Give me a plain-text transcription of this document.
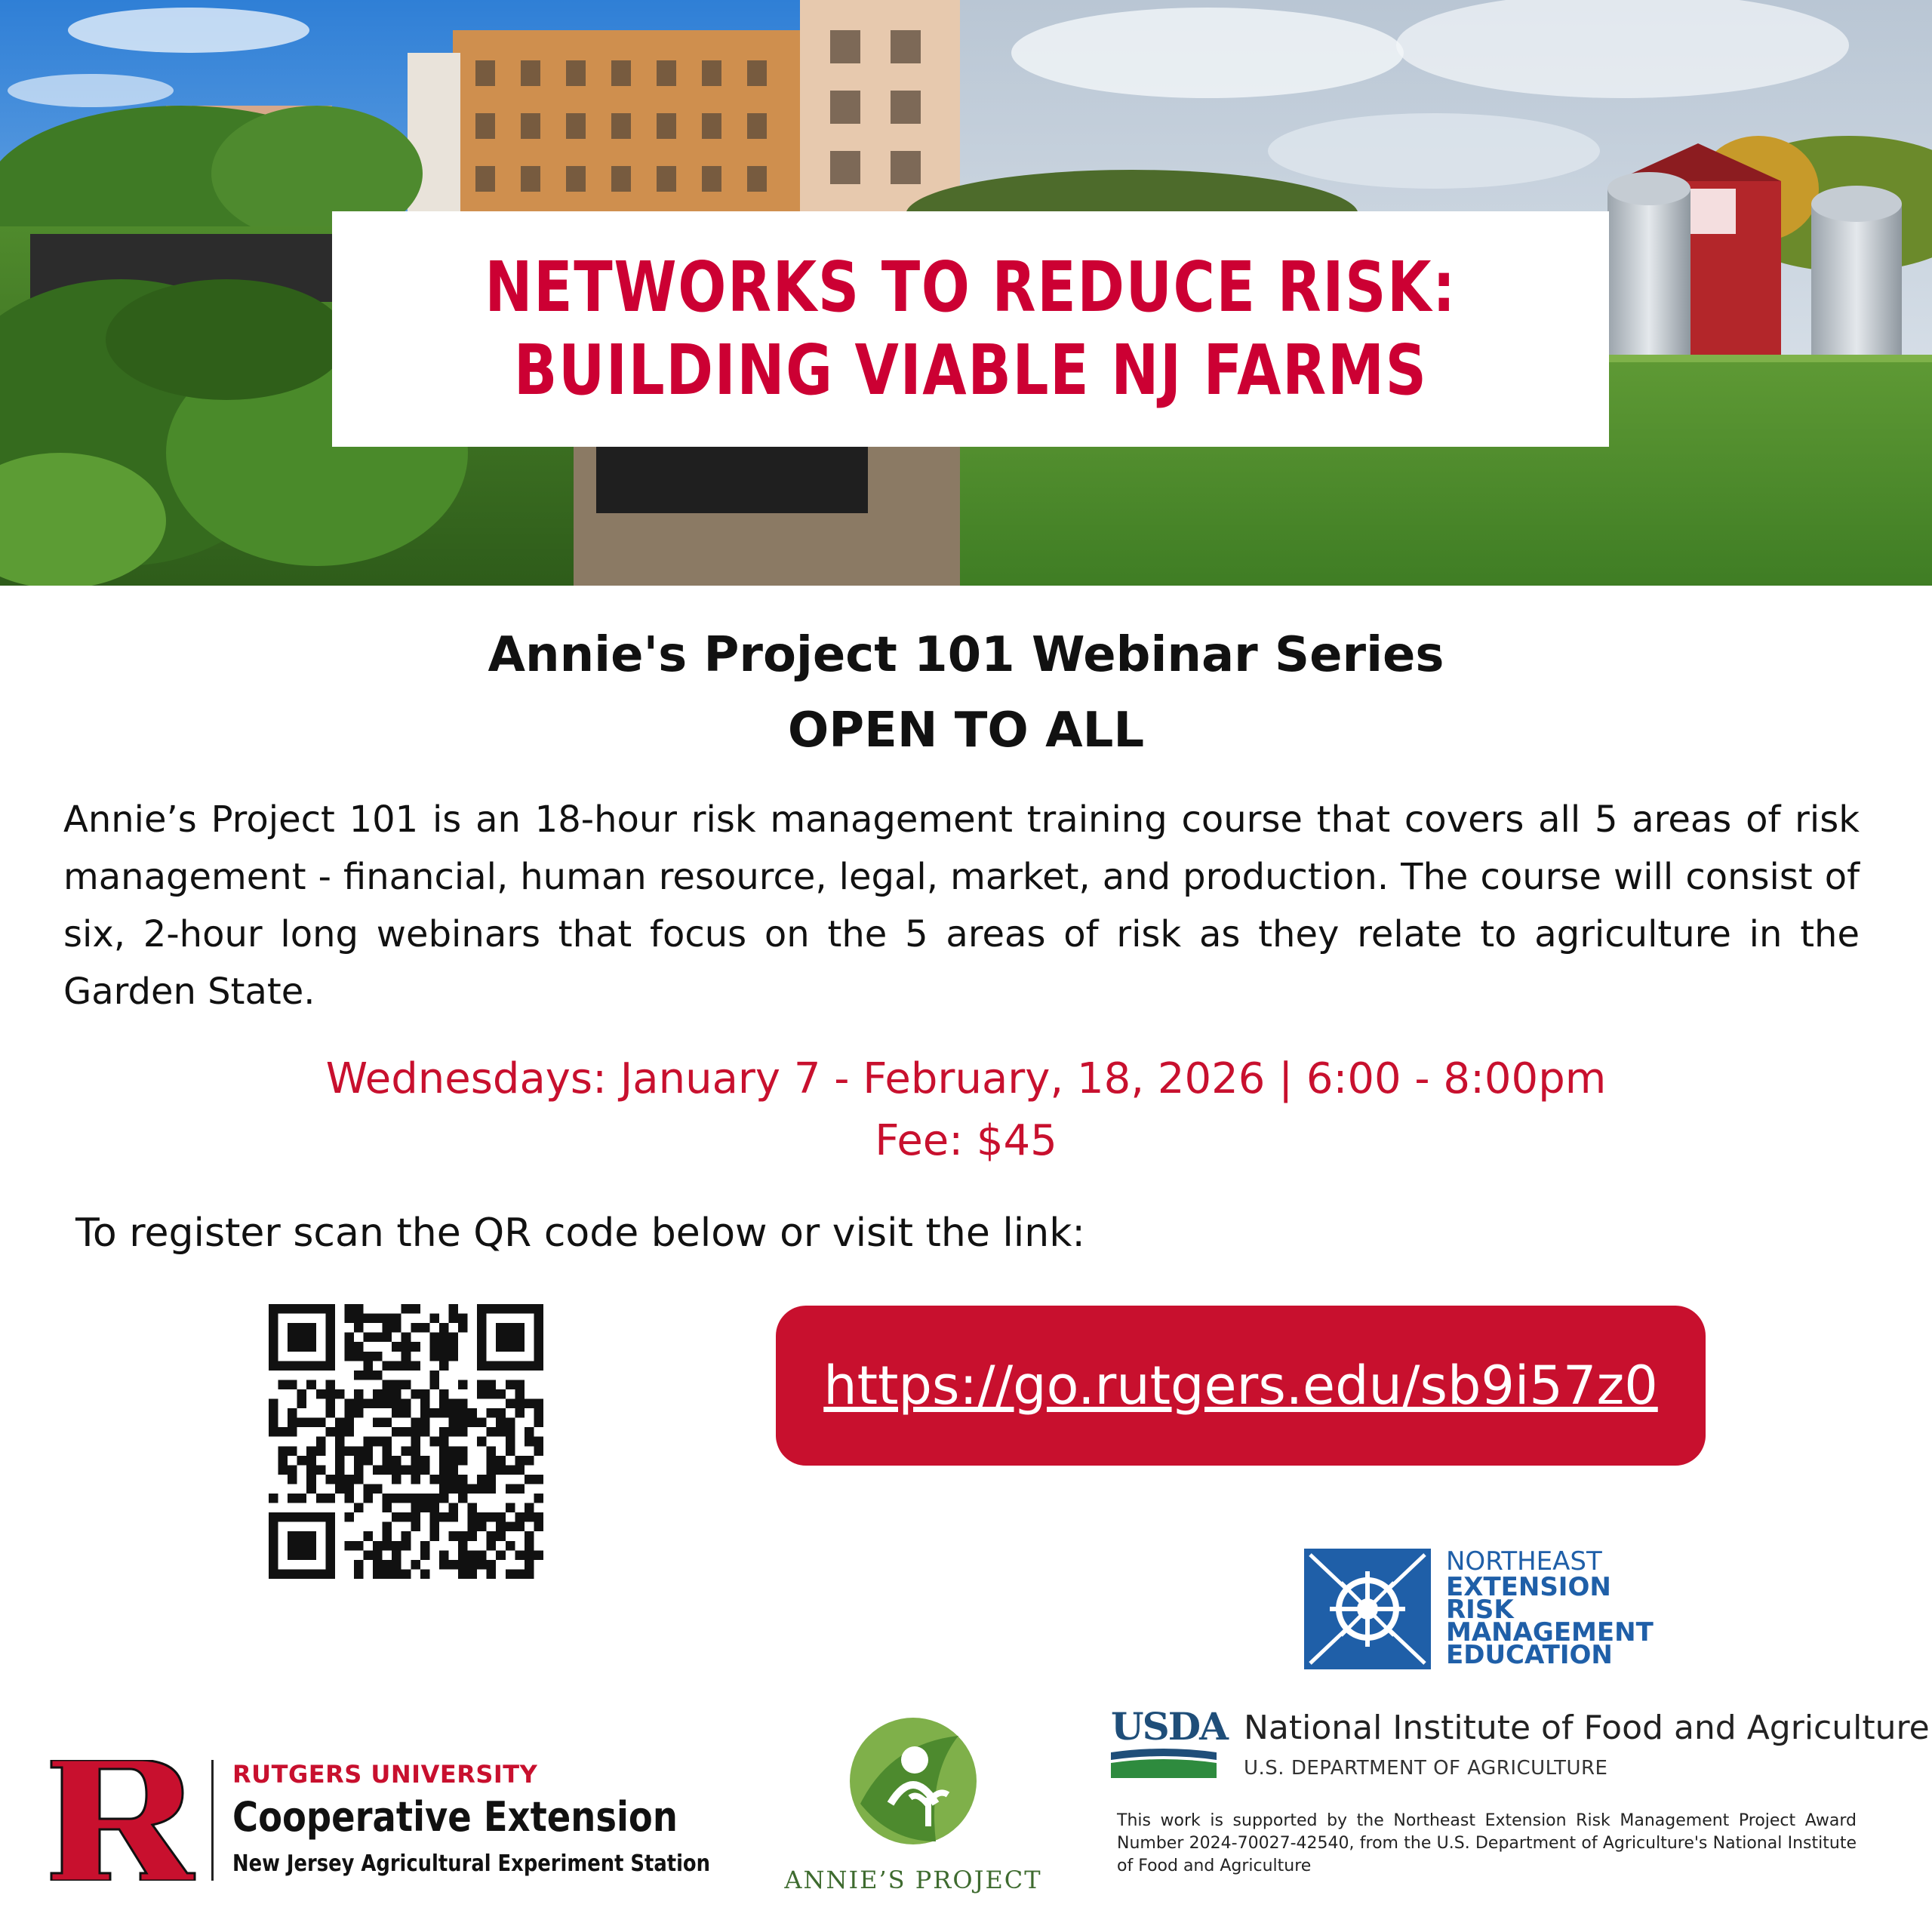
NETWORKS TO REDUCE RISK:
BUILDING VIABLE NJ FARMS
Annie's Project 101 Webinar Series
OPEN TO ALL
Annie’s Project 101 is an 18-hour risk management training course that covers all 5 areas of risk management - financial, human resource, legal, market, and production. The course will consist of six, 2-hour long webinars that focus on the 5 areas of risk as they relate to agriculture in the Garden State.
Wednesdays: January 7 - February, 18, 2026 | 6:00 - 8:00pm
Fee: $45
To register scan the QR code below or visit the link:
https://go.rutgers.edu/sb9i57z0
NORTHEAST
EXTENSION
RISK
MANAGEMENT
EDUCATION
USDA National Institute of Food and Agriculture
U.S. DEPARTMENT OF AGRICULTURE
This work is supported by the Northeast Extension Risk Management Project Award Number 2024-70027-42540, from the U.S. Department of Agriculture's National Institute of Food and Agriculture
RUTGERS UNIVERSITY
Cooperative Extension
New Jersey Agricultural Experiment Station
ANNIE’S PROJECT
